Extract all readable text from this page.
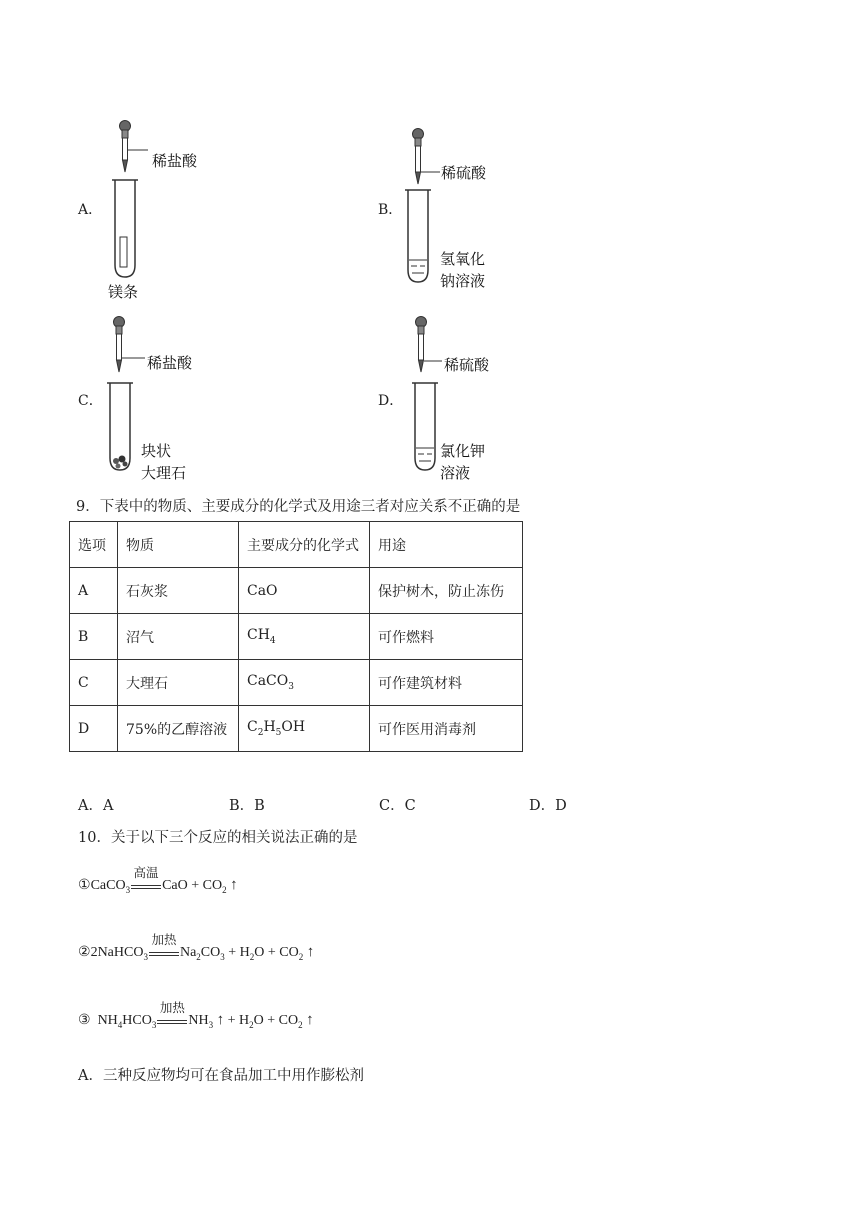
A．
稀盐酸
镁条
B．
稀硫酸
氢氧化
钠溶液
C．
稀盐酸
块状
大理石
D．
稀硫酸
氯化钾
溶液
9．下表中的物质、主要成分的化学式及用途三者对应关系不正确的是
选项	物质	主要成分的化学式	用途
A	石灰浆	CaO	保护树木，防止冻伤
B	沼气	$CH_4$	可作燃料
C	大理石	CaCO$_3$	可作建筑材料
D	75%的乙醇溶液	$C_2H_5OH$	可作医用消毒剂
A．A	B．B	C．C	D．D
10．关于以下三个反应的相关说法正确的是
①CaCO$_3$
高温
CaO + $CO_2$ ↑
②2NaHCO$_3$
加热
$Na_2CO_3 + H_2O + CO_2$ ↑
③  $NH_4HCO_3$
加热
$NH_3$ ↑ + $H_2O + CO_2$ ↑
A．三种反应物均可在食品加工中用作膨松剂
